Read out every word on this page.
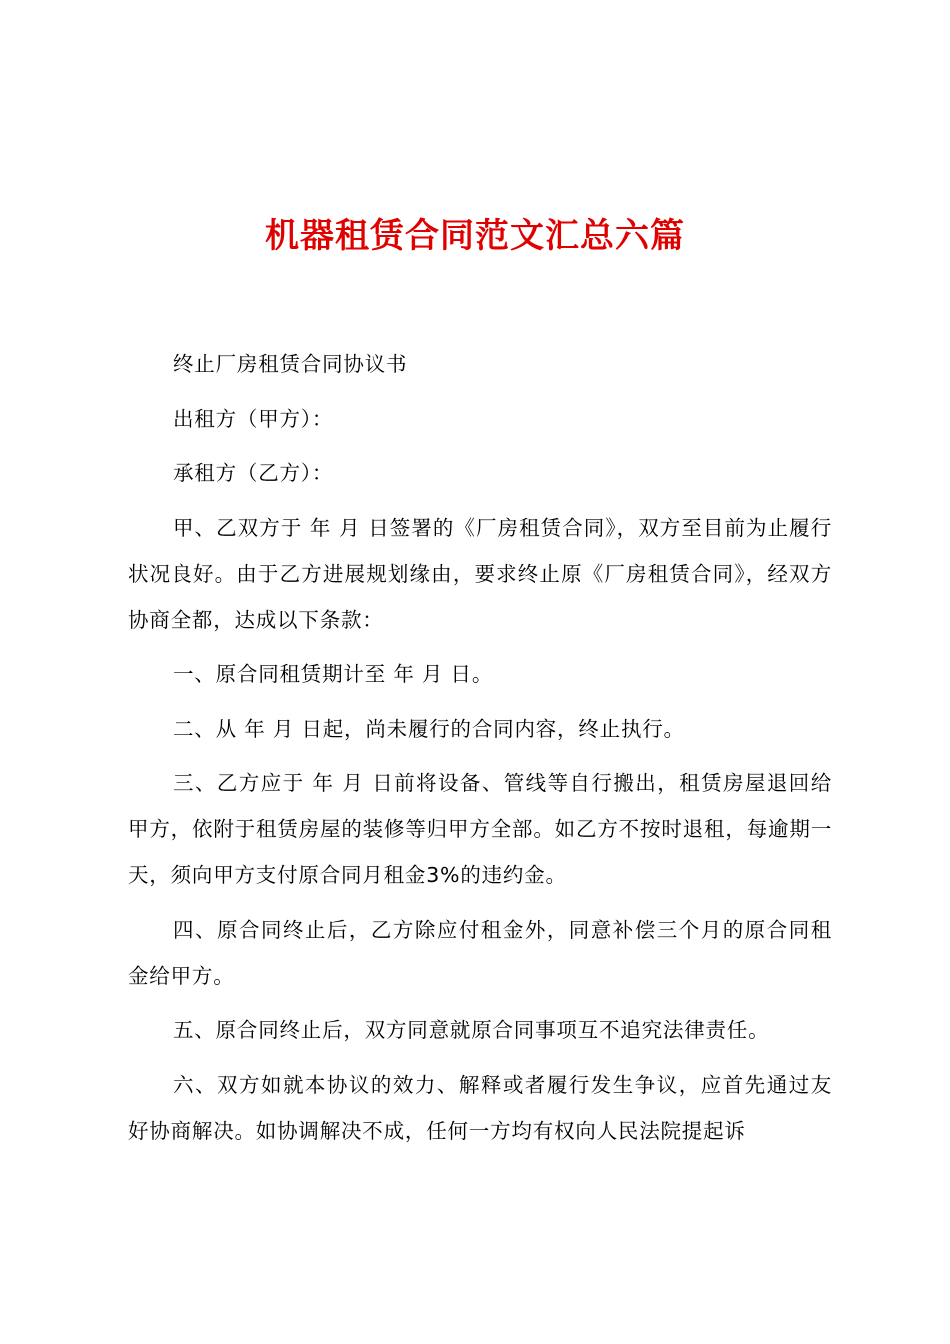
机器租赁合同范文汇总六篇

终止厂房租赁合同协议书

出租方（甲方）：

承租方（乙方）：

甲、乙双方于 年 月 日签署的《厂房租赁合同》，双方至目前为止履行状况良好。由于乙方进展规划缘由，要求终止原《厂房租赁合同》，经双方协商全都，达成以下条款：

一、原合同租赁期计至 年 月 日。

二、从 年 月 日起，尚未履行的合同内容，终止执行。

三、乙方应于 年 月 日前将设备、管线等自行搬出，租赁房屋退回给甲方，依附于租赁房屋的装修等归甲方全部。如乙方不按时退租，每逾期一天，须向甲方支付原合同月租金3%的违约金。

四、原合同终止后，乙方除应付租金外，同意补偿三个月的原合同租金给甲方。

五、原合同终止后，双方同意就原合同事项互不追究法律责任。

六、双方如就本协议的效力、解释或者履行发生争议，应首先通过友好协商解决。如协调解决不成，任何一方均有权向人民法院提起诉
